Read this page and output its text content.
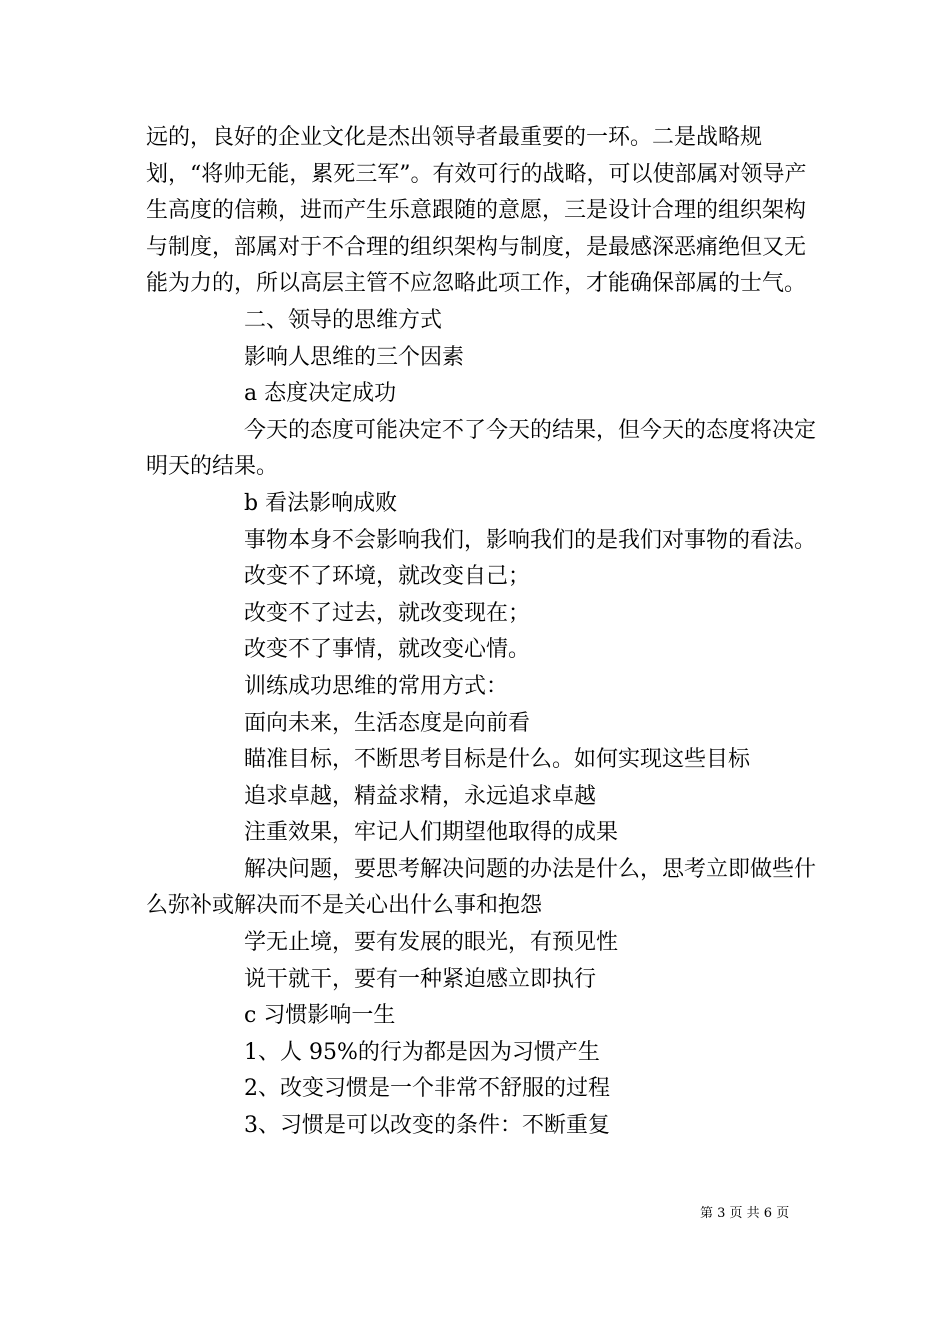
远的，良好的企业文化是杰出领导者最重要的一环。二是战略规划，“将帅无能，累死三军”。有效可行的战略，可以使部属对领导产生高度的信赖，进而产生乐意跟随的意愿，三是设计合理的组织架构与制度，部属对于不合理的组织架构与制度，是最感深恶痛绝但又无能为力的，所以高层主管不应忽略此项工作，才能确保部属的士气。

二、领导的思维方式

影响人思维的三个因素

a 态度决定成功

今天的态度可能决定不了今天的结果，但今天的态度将决定明天的结果。

b 看法影响成败

事物本身不会影响我们，影响我们的是我们对事物的看法。

改变不了环境，就改变自己；

改变不了过去，就改变现在；

改变不了事情，就改变心情。

训练成功思维的常用方式：

面向未来，生活态度是向前看

瞄准目标，不断思考目标是什么。如何实现这些目标

追求卓越，精益求精，永远追求卓越

注重效果，牢记人们期望他取得的成果

解决问题，要思考解决问题的办法是什么，思考立即做些什么弥补或解决而不是关心出什么事和抱怨

学无止境，要有发展的眼光，有预见性

说干就干，要有一种紧迫感立即执行

c 习惯影响一生

1、人 95%的行为都是因为习惯产生

2、改变习惯是一个非常不舒服的过程

3、习惯是可以改变的条件：不断重复

第 3 页 共 6 页
